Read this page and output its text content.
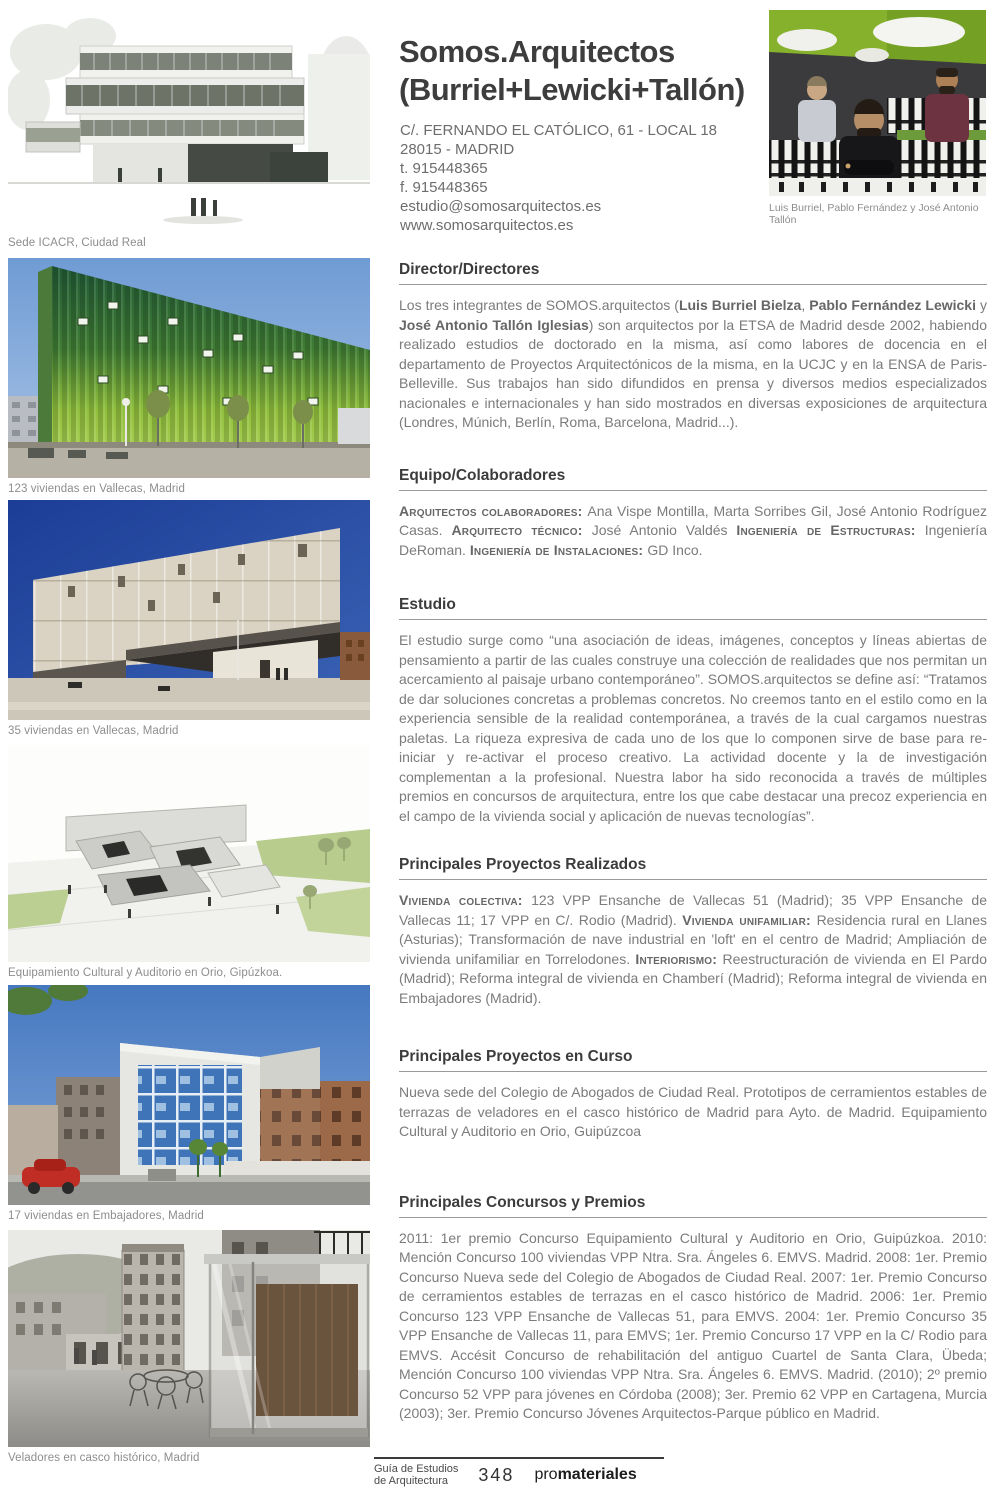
Sede ICACR, Ciudad Real
123 viviendas en Vallecas, Madrid
35 viviendas en Vallecas, Madrid
Equipamiento Cultural y Auditorio en Orio, Gipúzkoa.
17 viviendas en Embajadores, Madrid
Veladores en casco histórico, Madrid
Somos.Arquitectos
(Burriel+Lewicki+Tallón)
C/. FERNANDO EL CATÓLICO, 61 - LOCAL 18
28015 - MADRID
t. 915448365
f. 915448365
estudio@somosarquitectos.es
www.somosarquitectos.es
Luis Burriel, Pablo Fernández y José Antonio Tallón
Director/Directores

Los tres integrantes de SOMOS.arquitectos (Luis Burriel Bielza, Pablo Fernández Lewicki y José Antonio Tallón Iglesias) son arquitectos por la ETSA de Madrid desde 2002, habiendo realizado estudios de doctorado en la misma, así como labores de docencia en el departamento de Proyectos Arquitectónicos de la misma, en la UCJC y en la ENSA de Paris-Belleville. Sus trabajos han sido difundidos en prensa y diversos medios especializados nacionales e internacionales y han sido mostrados en diversas exposiciones de arquitectura (Londres, Múnich, Berlín, Roma, Barcelona, Madrid...).

Equipo/Colaboradores

Arquitectos colaboradores: Ana Vispe Montilla, Marta Sorribes Gil, José Antonio Rodríguez Casas. Arquitecto técnico: José Antonio Valdés Ingeniería de Estructuras: Ingeniería DeRoman. Ingeniería de Instalaciones: GD Inco.

Estudio

El estudio surge como “una asociación de ideas, imágenes, conceptos y líneas abiertas de pensamiento a partir de las cuales construye una colección de realidades que nos permitan un acercamiento al paisaje urbano contemporáneo”. SOMOS.arquitectos se define así: “Tratamos de dar soluciones concretas a problemas concretos. No creemos tanto en el estilo como en la experiencia sensible de la realidad contemporánea, a través de la cual cargamos nuestras paletas. La riqueza expresiva de cada uno de los que lo componen sirve de base para re-iniciar y re-activar el proceso creativo. La actividad docente y la de investigación complementan a la profesional. Nuestra labor ha sido reconocida a través de múltiples premios en concursos de arquitectura, entre los que cabe destacar una precoz experiencia en el campo de la vivienda social y aplicación de nuevas tecnologías”.

Principales Proyectos Realizados

Vivienda colectiva: 123 VPP Ensanche de Vallecas 51 (Madrid); 35 VPP Ensanche de Vallecas 11; 17 VPP en C/. Rodio (Madrid). Vivienda unifamiliar: Residencia rural en Llanes (Asturias); Transformación de nave industrial en 'loft' en el centro de Madrid; Ampliación de vivienda unifamiliar en Torrelodones. Interiorismo: Reestructuración de vivienda en El Pardo (Madrid); Reforma integral de vivienda en Chamberí (Madrid); Reforma integral de vivienda en Embajadores (Madrid).

Principales Proyectos en Curso

Nueva sede del Colegio de Abogados de Ciudad Real. Prototipos de cerramientos estables de terrazas de veladores en el casco histórico de Madrid para Ayto. de Madrid. Equipamiento Cultural y Auditorio en Orio, Guipúzcoa

Principales Concursos y Premios

2011: 1er premio Concurso Equipamiento Cultural y Auditorio en Orio, Guipúzkoa. 2010: Mención Concurso 100 viviendas VPP Ntra. Sra. Ángeles 6. EMVS. Madrid. 2008: 1er. Premio Concurso Nueva sede del Colegio de Abogados de Ciudad Real. 2007: 1er. Premio Concurso de cerramientos estables de terrazas en el casco histórico de Madrid. 2006: 1er. Premio Concurso 123 VPP Ensanche de Vallecas 51, para EMVS. 2004: 1er. Premio Concurso 35 VPP Ensanche de Vallecas 11, para EMVS; 1er. Premio Concurso 17 VPP en la C/ Rodio para EMVS. Accésit Concurso de rehabilitación del antiguo Cuartel de Santa Clara, Übeda; Mención Concurso 100 viviendas VPP Ntra. Sra. Ángeles 6. EMVS. Madrid. (2010); 2º premio Concurso 52 VPP para jóvenes en Córdoba (2008); 3er. Premio 62 VPP en Cartagena, Murcia (2003); 3er. Premio Concurso Jóvenes Arquitectos-Parque público en Madrid.

Guía de Estudios
de Arquitectura	348 promateriales
